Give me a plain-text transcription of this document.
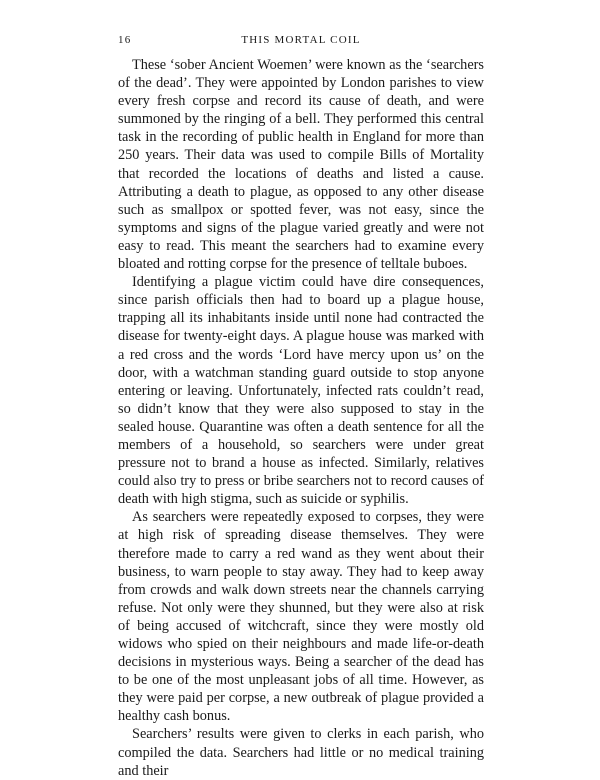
16	THIS MORTAL COIL

These ‘sober Ancient Woemen’ were known as the ‘searchers of the dead’. They were appointed by London parishes to view every fresh corpse and record its cause of death, and were summoned by the ringing of a bell. They performed this central task in the recording of public health in England for more than 250 years. Their data was used to compile Bills of Mortality that recorded the locations of deaths and listed a cause. Attributing a death to plague, as opposed to any other disease such as smallpox or spotted fever, was not easy, since the symptoms and signs of the plague varied greatly and were not easy to read. This meant the searchers had to examine every bloated and rotting corpse for the presence of telltale buboes.

Identifying a plague victim could have dire consequences, since parish officials then had to board up a plague house, trapping all its inhabitants inside until none had contracted the disease for twenty-eight days. A plague house was marked with a red cross and the words ‘Lord have mercy upon us’ on the door, with a watchman standing guard outside to stop anyone entering or leaving. Unfortunately, infected rats couldn’t read, so didn’t know that they were also supposed to stay in the sealed house. Quarantine was often a death sentence for all the members of a household, so searchers were under great pressure not to brand a house as infected. Similarly, relatives could also try to press or bribe searchers not to record causes of death with high stigma, such as suicide or syphilis.

As searchers were repeatedly exposed to corpses, they were at high risk of spreading disease themselves. They were therefore made to carry a red wand as they went about their business, to warn people to stay away. They had to keep away from crowds and walk down streets near the channels carrying refuse. Not only were they shunned, but they were also at risk of being accused of witchcraft, since they were mostly old widows who spied on their neighbours and made life-or-death decisions in mysterious ways. Being a searcher of the dead has to be one of the most unpleasant jobs of all time. However, as they were paid per corpse, a new outbreak of plague provided a healthy cash bonus.

Searchers’ results were given to clerks in each parish, who compiled the data. Searchers had little or no medical training and their
